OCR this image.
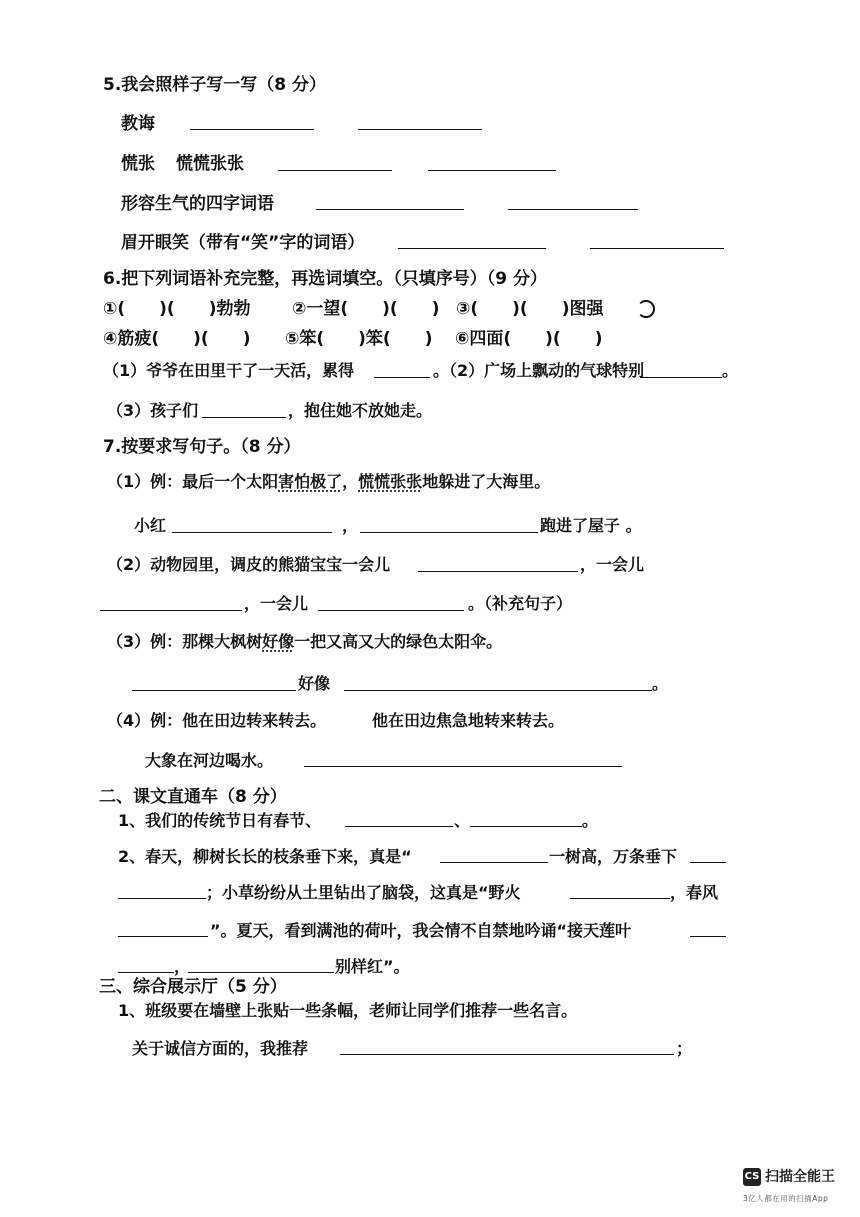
5.我会照样子写一写（8 分）
教诲
慌张 慌慌张张
形容生气的四字词语
眉开眼笑（带有“笑”字的词语）
6.把下列词语补充完整，再选词填空。（只填序号）（9 分）
①(　　)(　　)勃勃 ②一望(　　)(　　) ③(　　)(　　)图强
④筋疲(　　)(　　) ⑤笨(　　)笨(　　) ⑥四面(　　)(　　)
（1）爷爷在田里干了一天活，累得	。（2）广场上飘动的气球特别	。
（3）孩子们	，抱住她不放她走。
7.按要求写句子。（8 分）
（1）例：最后一个太阳害怕极了，慌慌张张地躲进了大海里。
小红	，	跑进了屋子 。
（2）动物园里，调皮的熊猫宝宝一会儿	，一会儿
，一会儿	。（补充句子）
（3）例：那棵大枫树好像一把又高又大的绿色太阳伞。
好像	。
（4）例：他在田边转来转去。	他在田边焦急地转来转去。
大象在河边喝水。
二、课文直通车（8 分）
1、我们的传统节日有春节、	、	。
2、春天，柳树长长的枝条垂下来，真是“	一树高，万条垂下
；小草纷纷从土里钻出了脑袋，这真是“野火	，春风
”。夏天，看到满池的荷叶，我会情不自禁地吟诵“接天莲叶
，	别样红”。
三、综合展示厅（5 分）
1、班级要在墙壁上张贴一些条幅，老师让同学们推荐一些名言。
关于诚信方面的，我推荐	；
CS 扫描全能王
3亿人都在用的扫描App
